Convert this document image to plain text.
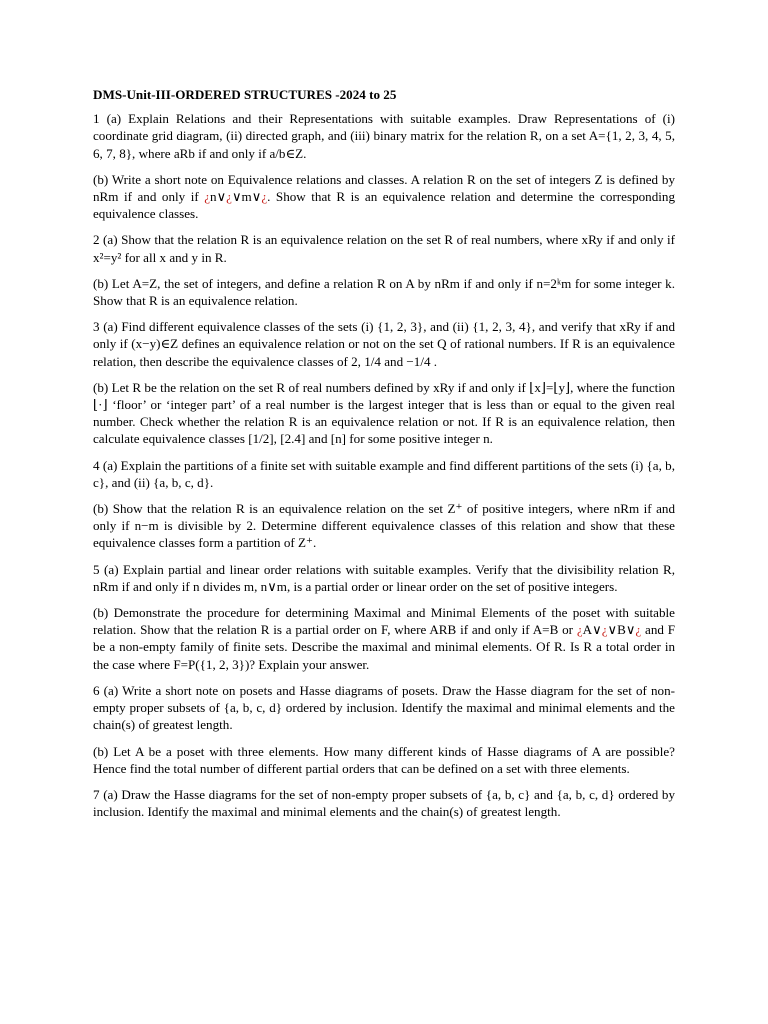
DMS-Unit-III-ORDERED STRUCTURES -2024 to 25

1 (a) Explain Relations and their Representations with suitable examples. Draw Representations of (i) coordinate grid diagram, (ii) directed graph, and (iii) binary matrix for the relation R, on a set A={1, 2, 3, 4, 5, 6, 7, 8}, where aRb if and only if a/b∈Z.

(b) Write a short note on Equivalence relations and classes. A relation R on the set of integers Z is defined by nRm if and only if ¿n∨¿∨m∨¿. Show that R is an equivalence relation and determine the corresponding equivalence classes.

2 (a) Show that the relation R is an equivalence relation on the set R of real numbers, where xRy if and only if x²=y² for all x and y in R.

(b) Let A=Z, the set of integers, and define a relation R on A by nRm if and only if n=2ᵏm for some integer k. Show that R is an equivalence relation.

3 (a) Find different equivalence classes of the sets (i) {1, 2, 3}, and (ii) {1, 2, 3, 4}, and verify that xRy if and only if (x−y)∈Z defines an equivalence relation or not on the set Q of rational numbers. If R is an equivalence relation, then describe the equivalence classes of 2, 1/4 and −1/4 .

(b) Let R be the relation on the set R of real numbers defined by xRy if and only if ⌊x⌋=⌊y⌋, where the function ⌊·⌋ ‘floor’ or ‘integer part’ of a real number is the largest integer that is less than or equal to the given real number. Check whether the relation R is an equivalence relation or not. If R is an equivalence relation, then calculate equivalence classes [1/2], [2.4] and [n] for some positive integer n.

4 (a) Explain the partitions of a finite set with suitable example and find different partitions of the sets (i) {a, b, c}, and (ii) {a, b, c, d}.

(b) Show that the relation R is an equivalence relation on the set Z⁺ of positive integers, where nRm if and only if n−m is divisible by 2. Determine different equivalence classes of this relation and show that these equivalence classes form a partition of Z⁺.

5 (a) Explain partial and linear order relations with suitable examples. Verify that the divisibility relation R, nRm if and only if n divides m, n∨m, is a partial order or linear order on the set of positive integers.

(b) Demonstrate the procedure for determining Maximal and Minimal Elements of the poset with suitable relation. Show that the relation R is a partial order on F, where ARB if and only if A=B or ¿A∨¿∨B∨¿ and F be a non-empty family of finite sets. Describe the maximal and minimal elements. Of R. Is R a total order in the case where F=P({1, 2, 3})? Explain your answer.

6 (a) Write a short note on posets and Hasse diagrams of posets. Draw the Hasse diagram for the set of non-empty proper subsets of {a, b, c, d} ordered by inclusion. Identify the maximal and minimal elements and the chain(s) of greatest length.

(b) Let A be a poset with three elements. How many different kinds of Hasse diagrams of A are possible? Hence find the total number of different partial orders that can be defined on a set with three elements.

7 (a) Draw the Hasse diagrams for the set of non-empty proper subsets of {a, b, c} and {a, b, c, d} ordered by inclusion. Identify the maximal and minimal elements and the chain(s) of greatest length.
